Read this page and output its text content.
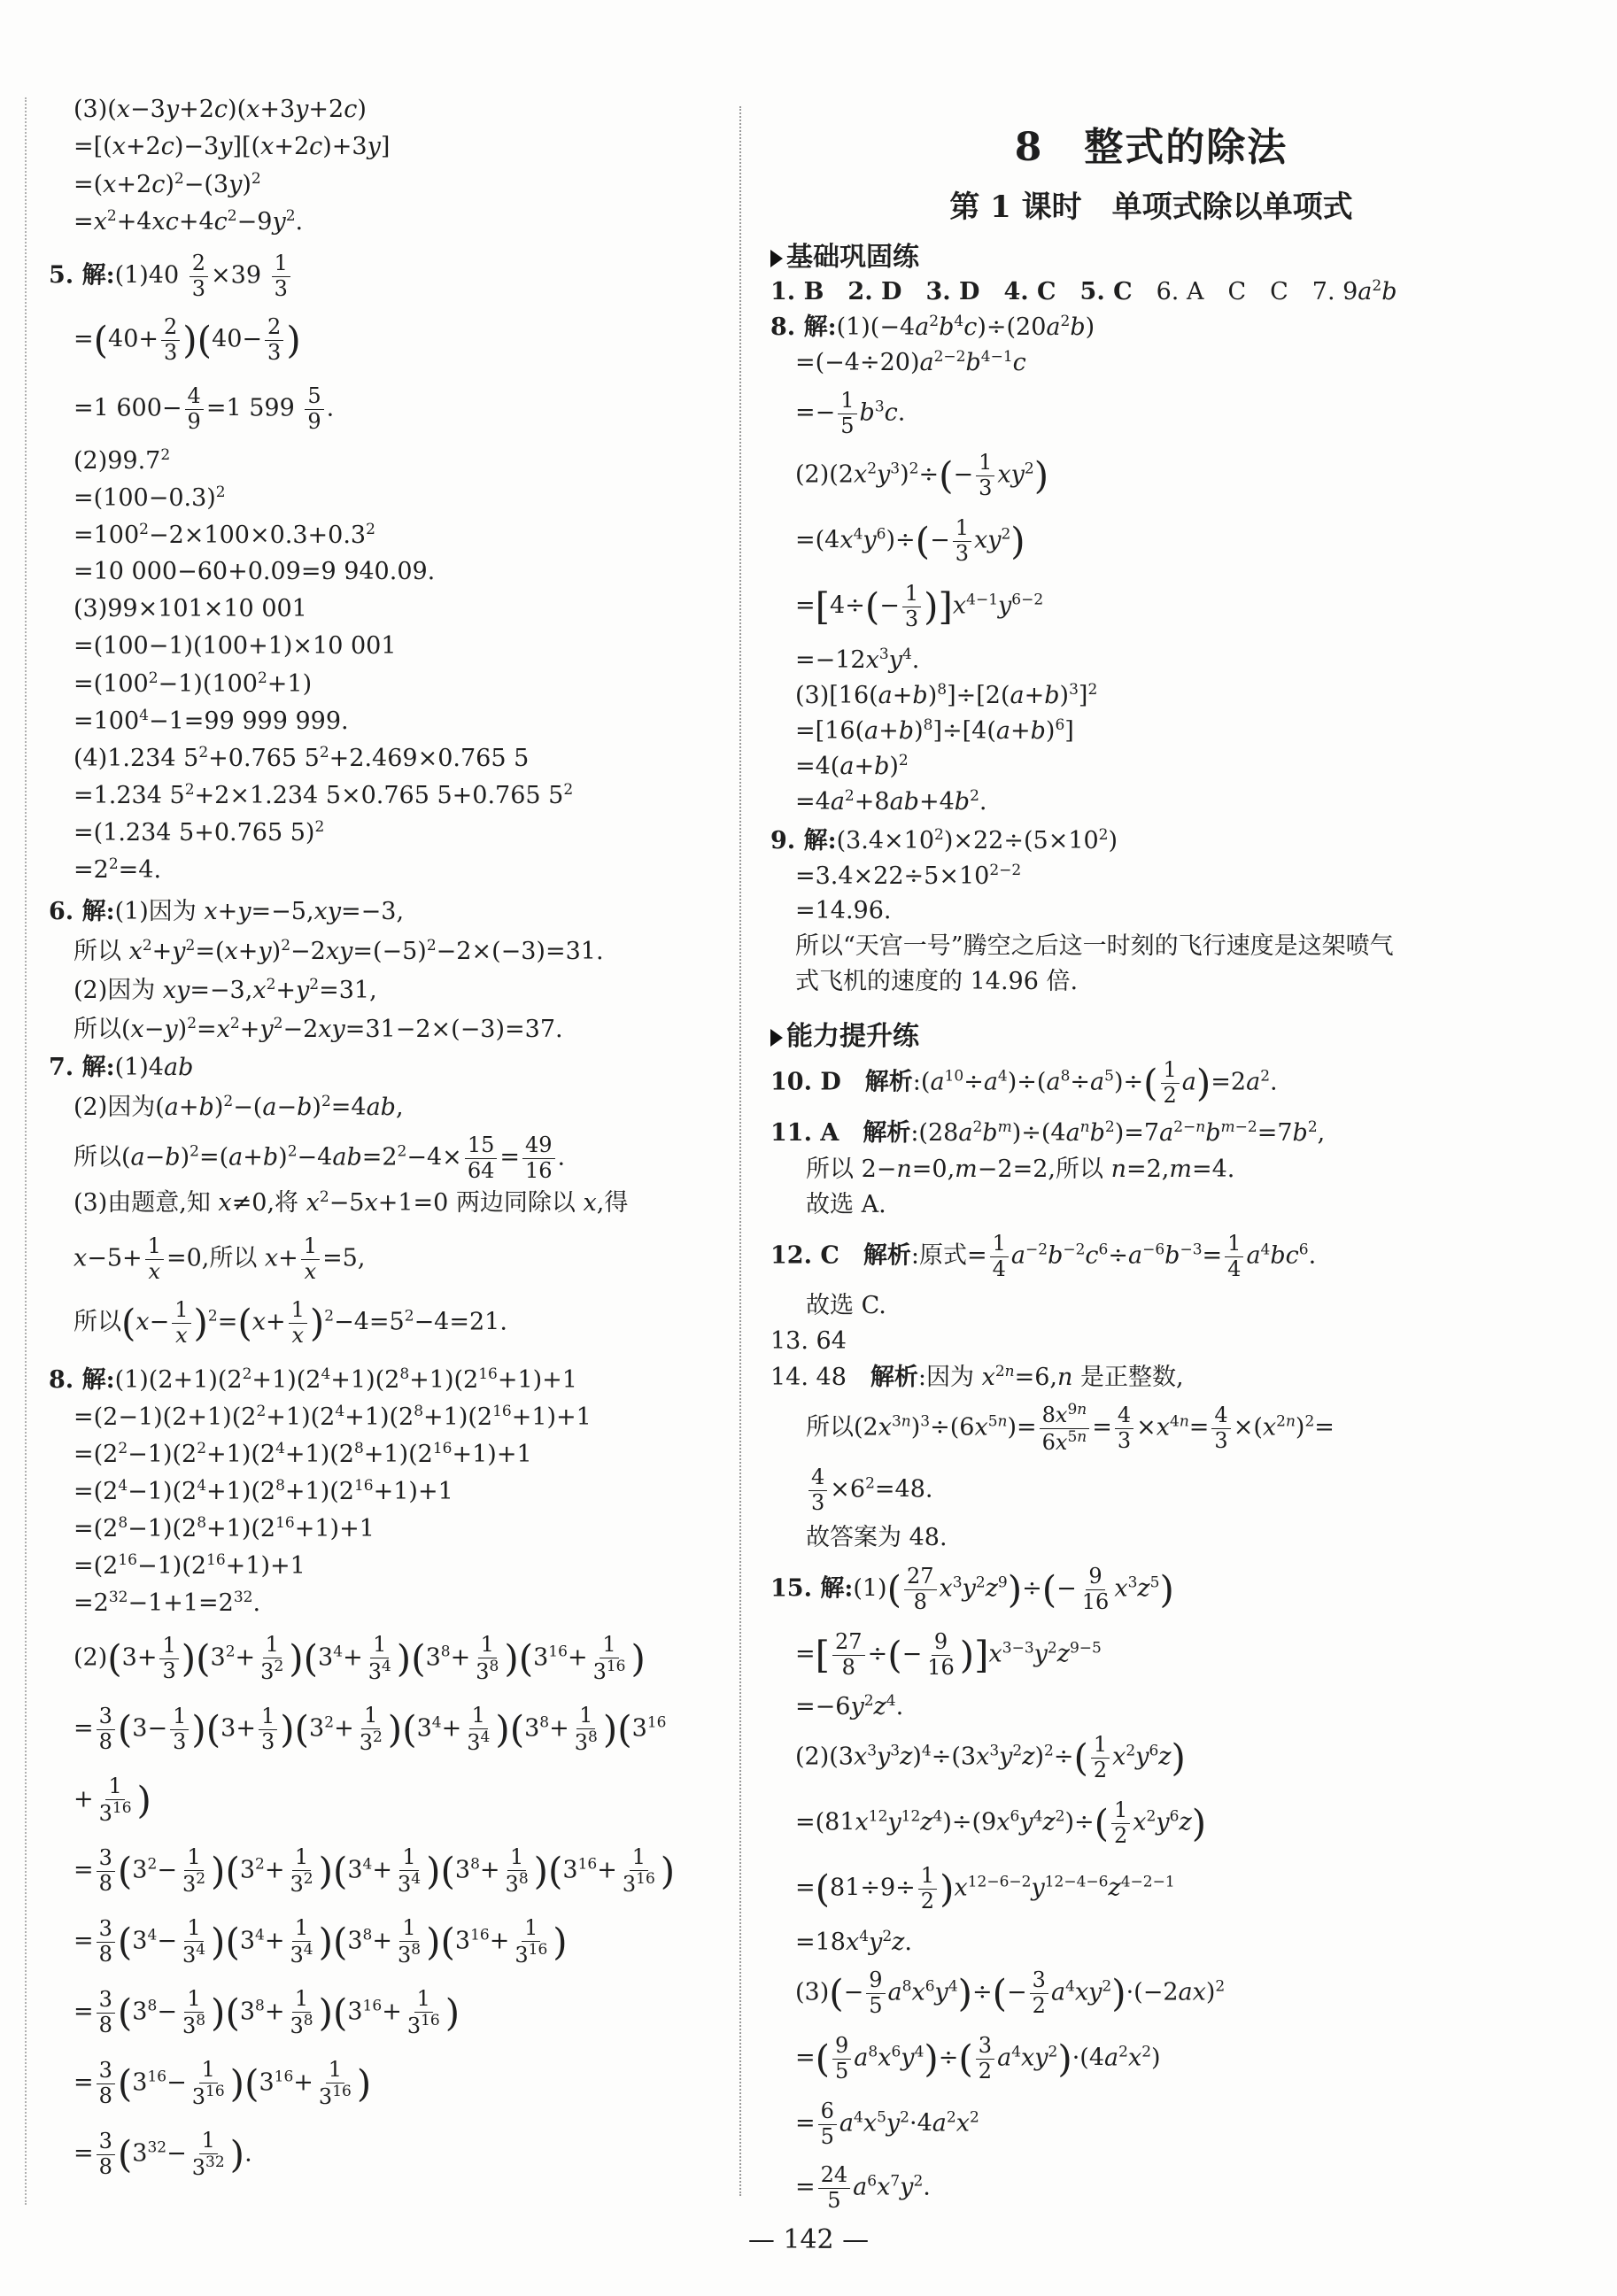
(3)(x−3y+2c)(x+3y+2c)
=[(x+2c)−3y][(x+2c)+3y]
$=(x+2c)^2-(3y)^2$
$=x^2+4xc+4c^2-9y^2$.
5. 解:(1)40 $\frac{2}{3} \times 39 \frac{1}{3}$
$=(40+ \frac{2}{3} )(40- \frac{2}{3}$ )
=1 $600- \frac{4}{9} =1$ $599 \frac{5}{9}$ .
$(2)99.7^2$
$=(100-0.3)^2$
$=100^2-2\times 100\times 0.3+0.3^2$
=10 000−60+0.09=9 940.09.
(3)99×101×10 001
=(100−1)(100+1)×10 001
$=(100^2-1)(100^2+1)$
$=100^4-1=99$ 999 999.
(4)1.234 $5^2+0.765$ $5^2+2.469\times 0.765$ 5
=1.234 $5^2+2\times 1.234$ 5×0.765 5+0.765 $5^2$
=(1.234 5+0.765 5)$^2$
$=2^2=4$.
6. 解:(1)因为 x+y=−5,xy=−3,
所以 $x^2+y^2=(x+y)^2-2xy=(-5)^2-2\times(-3)=31$.
(2)因为 $xy=-3,x^2+y^2=31$,
所以$(x-y)^2=x^2+y^2-2xy=31-2\times(-3)=37$.
7. 解:(1)4ab
(2)因为$(a+b)^2-(a-b)^2=4ab$,
所以$(a-b)^2=(a+b)^2-4ab=2^2-4\times \frac{15}{64} = \frac{49}{16}$ .
(3)由题意,知 x≠0,将 $x^2-5x+1=0$ 两边同除以 x,得
$x-5+ \frac{1}{x} =0$,所以 $x+ \frac{1}{x} =5$,
所以$(x- \frac{1}{x} )^2=(x+ \frac{1}{x} )^2-4=5^2-4=21$.
8. 解$:(1)(2+1)(2^2+1)(2^4+1)(2^8+1)(2^{16}+1)+1$
$=(2-1)(2+1)(2^2+1)(2^4+1)(2^8+1)(2^{16}+1)+1$
$=(2^2-1)(2^2+1)(2^4+1)(2^8+1)(2^{16}+1)+1$
$=(2^4-1)(2^4+1)(2^8+1)(2^{16}+1)+1$
$=(2^8-1)(2^8+1)(2^{16}+1)+1$
$=(2^{16}-1)(2^{16}+1)+1$
$=2^{32}-1+1=2^{32}$.
$(2)(3+ \frac{1}{3} )(3^2+ \frac{1}{3^2} )(3^4+ \frac{1}{3^4} )(3^8+ \frac{1}{3^8} )(3^{16}+ \frac{1}{3^{16}}$ )
= $\frac{3}{8} (3- \frac{1}{3} )(3+ \frac{1}{3} )(3^2+ \frac{1}{3^2} )(3^4+ \frac{1}{3^4} )(3^8+ \frac{1}{3^8} )(3^{16}$
+ $\frac{1}{3^{16}}$ )
= $\frac{3}{8} (3^2- \frac{1}{3^2} )(3^2+ \frac{1}{3^2} )(3^4+ \frac{1}{3^4} )(3^8+ \frac{1}{3^8} )(3^{16}+ \frac{1}{3^{16}}$ )
= $\frac{3}{8} (3^4- \frac{1}{3^4} )(3^4+ \frac{1}{3^4} )(3^8+ \frac{1}{3^8} )(3^{16}+ \frac{1}{3^{16}}$ )
= $\frac{3}{8} (3^8- \frac{1}{3^8} )(3^8+ \frac{1}{3^8} )(3^{16}+ \frac{1}{3^{16}}$ )
= $\frac{3}{8} (3^{16}- \frac{1}{3^{16}} )(3^{16}+ \frac{1}{3^{16}}$ )
= $\frac{3}{8} (3^{32}- \frac{1}{3^{32}}$ ).
8　整式的除法
第 1 课时　单项式除以单项式
基础巩固练
1. B　 2. D　 3. D　 4. C　 5. C　6. A　C　C　7. $9a^2b$
8. 解$:(1)(-4a^2b^4c)\div(20a^2b)$
$=(-4\div 20)a^{2-2}b^{4-1}c$
=− $\frac{1}{5} b^3c$.
$(2)(2x^2y^3)^2\div(- \frac{1}{3} xy^2)$
$=(4x^4y^6)\div(- \frac{1}{3} xy^2)$
$=[4\div(- \frac{1}{3} )]x^{4-1}y^{6-2}$
$=-12x^3y^4$.
$(3)[16(a+b)^8]\div[2(a+b)^3]^2$
$=[16(a+b)^8]\div[4(a+b)^6]$
$=4(a+b)^2$
$=4a^2+8ab+4b^2$.
9. 解$:(3.4\times 10^2)\times 22\div(5\times 10^2)$
$=3.4\times 22\div 5\times 10^{2-2}$
=14.96.
所以“天宫一号”腾空之后这一时刻的飞行速度是这架喷气
式飞机的速度的 14.96 倍.
能力提升练
10. D　 解析$:(a^{10}\div a^4)\div(a^8\div a^5)\div( \frac{1}{2} a)=2a^2$.
11. A　 解析$:(28a^2b^m)\div(4a^nb^2)=7a^{2-n}b^{m-2}=7b^2$,
所以 2−n=0,m−2=2,所以 n=2,m=4.
故选 A.
12. C　 解析:原式= $\frac{1}{4} a^{-2}b^{-2}c^6\div a^{-6}b^{-3}= \frac{1}{4} a^4bc^6$.
故选 C.
13. 64
14. 48　解析:因为 $x^{2n}=6,n$ 是正整数,
所以$(2x^{3n})^3\div(6x^{5n})= \frac{8x^{9n}}{6x^{5n}} = \frac{4}{3} \times x^{4n}= \frac{4}{3} \times(x^{2n})^2=$
$\frac{4}{3} \times 6^2=48$.
故答案为 48.
15. 解:(1)( $\frac{27}{8} x^3y^2z^9)\div(- \frac{9}{16} x^3z^5)$
=[ $\frac{27}{8}$ ÷(− $\frac{9}{16} )]x^{3-3}y^2z^{9-5}$
$=-6y^2z^4$.
$(2)(3x^3y^3z)^4\div(3x^3y^2z)^2\div( \frac{1}{2} x^2y^6z)$
$=(81x^{12}y^{12}z^4)\div(9x^6y^4z^2)\div( \frac{1}{2} x^2y^6z)$
$=(81\div 9\div \frac{1}{2} )x^{12-6-2}y^{12-4-6}z^{4-2-1}$
$=18x^4y^2z$.
$(3)(- \frac{9}{5} a^8x^6y^4)\div(- \frac{3}{2} a^4xy^2)\cdot(-2ax)^2$
=( $\frac{9}{5} a^8x^6y^4)\div( \frac{3}{2} a^4xy^2)\cdot(4a^2x^2)$
= $\frac{6}{5} a^4x^5y^2\cdot 4a^2x^2$
= $\frac{24}{5} a^6x^7y^2$.
— 142 —
